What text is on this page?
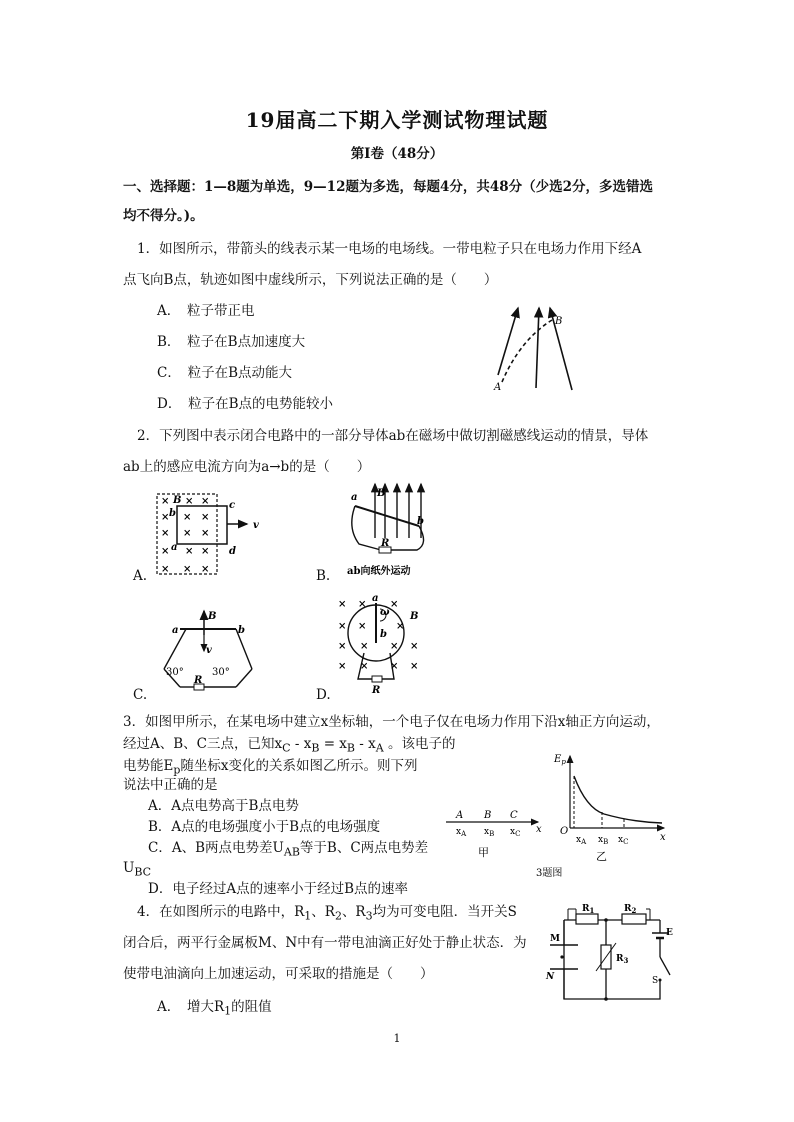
19届高二下期入学测试物理试题
第I卷（48分）
一、选择题：1—8题为单选，9—12题为多选，每题4分，共48分（少选2分，多选错选
均不得分。)。
1．如图所示，带箭头的线表示某一电场的电场线。一带电粒子只在电场力作用下经A
点飞向B点，轨迹如图中虚线所示，下列说法正确的是（　　）
A．　粒子带正电
B．　粒子在B点加速度大
C．　粒子在B点动能大
D．　粒子在B点的电势能较小
A
B
2．下列图中表示闭合电路中的一部分导体ab在磁场中做切割磁感线运动的情景，导体
ab上的感应电流方向为a→b的是（　　）
× × ×
× × ×
× × ×
× × ×
× × ×
B
b
a
c
d
v
A.
a
b
B
R
ab向纸外运动
B.
a	b
B
v
R
30°	30°
C.
× × ×
× ×	×
× × × ×
× × × ×
a
b
B
ω
R
D.
3．如图甲所示，在某电场中建立x坐标轴，一个电子仅在电场力作用下沿x轴正方向运动，
经过A、B、C三点，已知$x_C - x_B = x_B - x_A$ 。该电子的
电势能$E_p$随坐标x变化的关系如图乙所示。则下列
说法中正确的是
A．A点电势高于B点电势
B．A点的电场强度小于B点的电场强度
C．A、B两点电势差$U_{AB}$等于B、C两点电势差
$U_{BC}$
D．电子经过A点的速率小于经过B点的速率
A B C
x
$x_A$ $x_B$ $x_C$
甲
$E_p$
O
x
$x_A$ $x_B$ $x_C$
乙
3题图
4．在如图所示的电路中，$R_1$、$R_2$、$R_3$均为可变电阻．当开关S
闭合后，两平行金属板M、N中有一带电油滴正好处于静止状态．为
使带电油滴向上加速运动，可采取的措施是（　　）
A．　增大$R_1$的阻值
$R_1$	$R_2$
$R_3$
M
N
E
S
1
